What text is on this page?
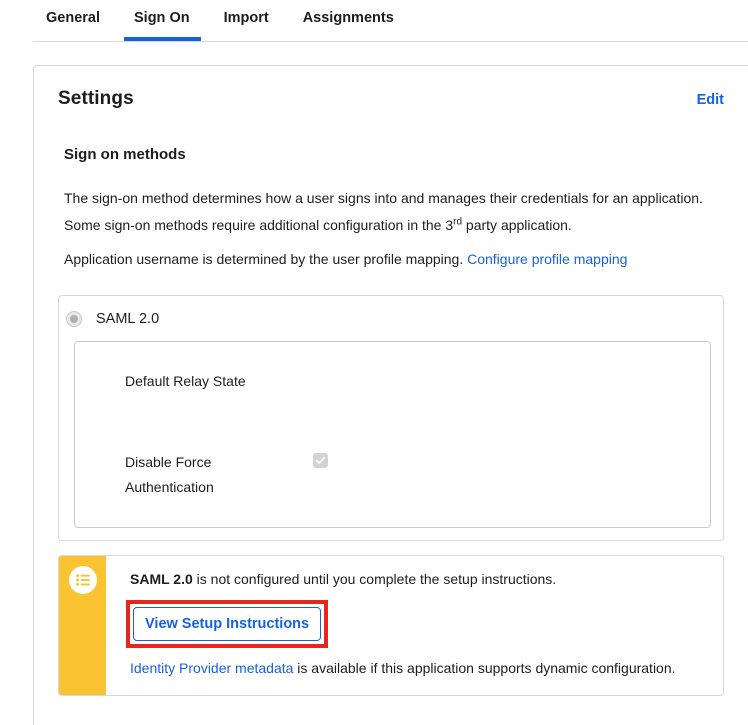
General Sign On Import Assignments
Settings	Edit
Sign on methods
The sign-on method determines how a user signs into and manages their credentials for an application. Some sign-on methods require additional configuration in the 3rd party application.
Application username is determined by the user profile mapping. Configure profile mapping
SAML 2.0
Default Relay State
Disable Force Authentication
SAML 2.0 is not configured until you complete the setup instructions.
View Setup Instructions
Identity Provider metadata is available if this application supports dynamic configuration.
